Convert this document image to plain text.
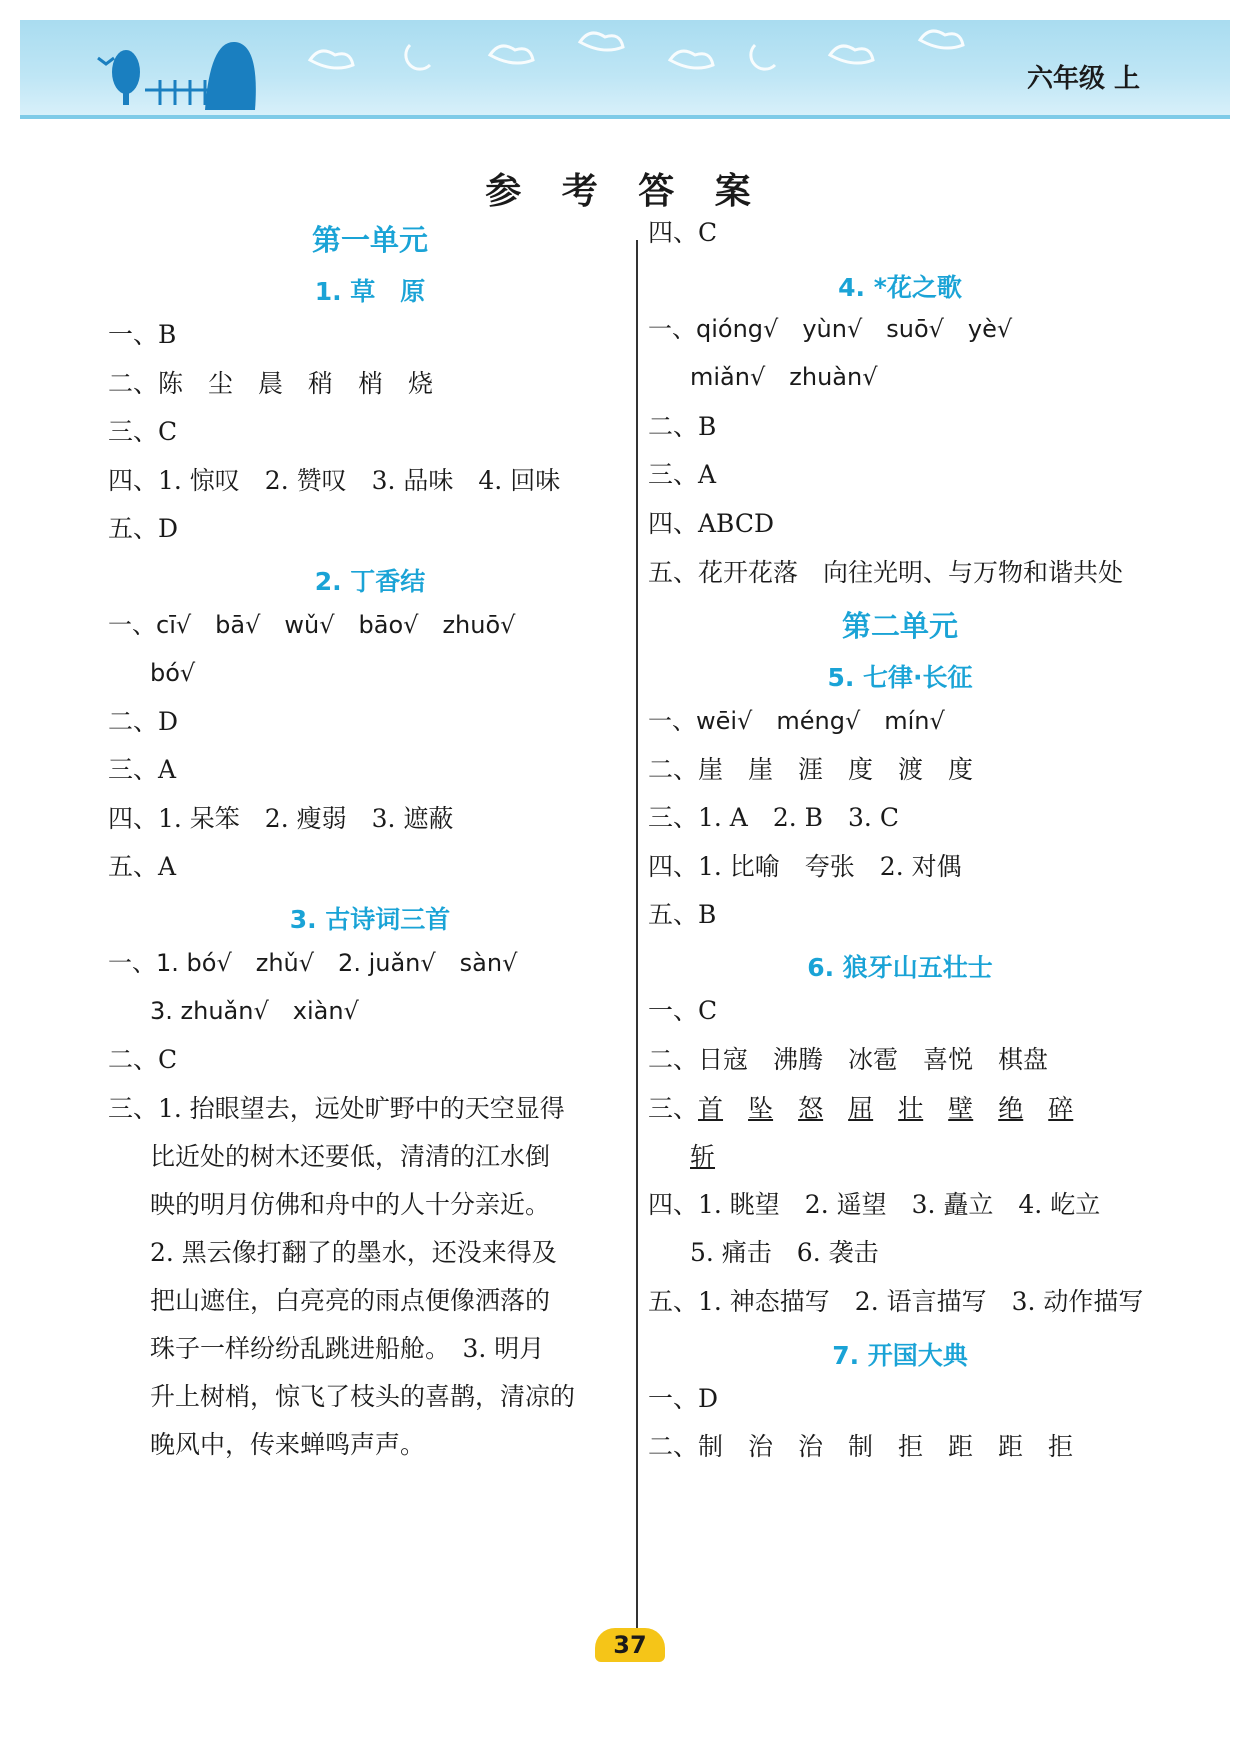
六年级 上
参 考 答 案
第一单元
1. 草　原
一、B
二、陈　尘　晨　稍　梢　烧
三、C
四、1. 惊叹　2. 赞叹　3. 品味　4. 回味
五、D
2. 丁香结
一、cī√　bā√　wǔ√　bāo√　zhuō√
bó√
二、D
三、A
四、1. 呆笨　2. 瘦弱　3. 遮蔽
五、A
3. 古诗词三首
一、1. bó√　zhǔ√　2. juǎn√　sàn√
3. zhuǎn√　xiàn√
二、C
三、1. 抬眼望去，远处旷野中的天空显得
比近处的树木还要低，清清的江水倒
映的明月仿佛和舟中的人十分亲近。
2. 黑云像打翻了的墨水，还没来得及
把山遮住，白亮亮的雨点便像洒落的
珠子一样纷纷乱跳进船舱。　3. 明月
升上树梢，惊飞了枝头的喜鹊，清凉的
晚风中，传来蝉鸣声声。
四、C
4. *花之歌
一、qióng√　yùn√　suō√　yè√
miǎn√　zhuàn√
二、B
三、A
四、ABCD
五、花开花落　向往光明、与万物和谐共处
第二单元
5. 七律·长征
一、wēi√　méng√　mín√
二、崖　崖　涯　度　渡　度
三、1. A　2. B　3. C
四、1. 比喻　夸张　2. 对偶
五、B
6. 狼牙山五壮士
一、C
二、日寇　沸腾　冰雹　喜悦　棋盘
三、首　 坠　 怒　 屈　 壮　 壁　 绝　 碎
斩
四、1. 眺望　2. 遥望　3. 矗立　4. 屹立
5. 痛击　6. 袭击
五、1. 神态描写　2. 语言描写　3. 动作描写
7. 开国大典
一、D
二、制　治　治　制　拒　距　距　拒
37
